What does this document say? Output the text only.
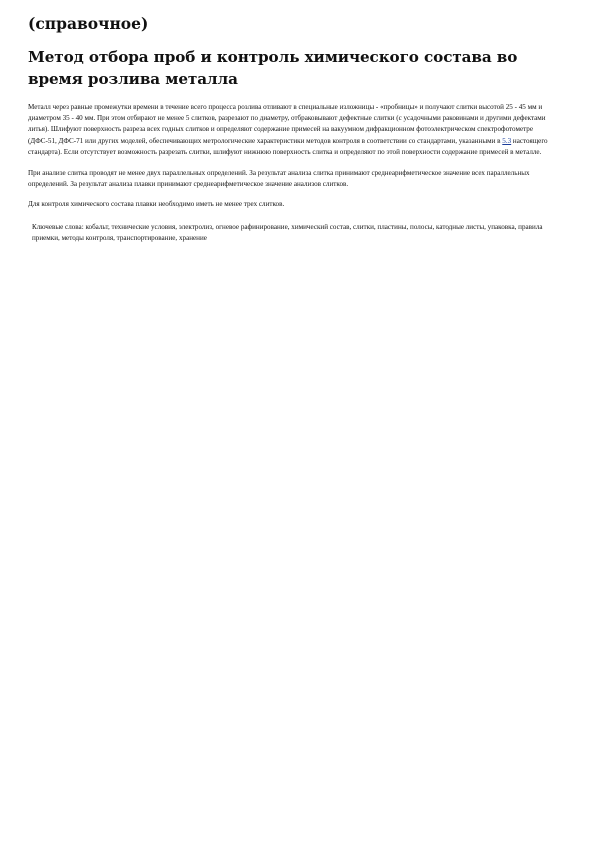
(справочное)
Метод отбора проб и контроль химического состава во время розлива металла

Металл через равные промежутки времени в течение всего процесса розлива отливают в специальные изложницы - «пробницы» и получают слитки высотой 25 - 45 мм и диаметром 35 - 40 мм. При этом отбирают не менее 5 слитков, разрезают по диаметру, отбраковывают дефектные слитки (с усадочными раковинами и другими дефектами литья). Шлифуют поверхность разреза всех годных слитков и определяют содержание примесей на вакуумном дифракционном фотоэлектрическом спектрофотометре (ДФС-51, ДФС-71 или других моделей, обеспечивающих метрологические характеристики методов контроля в соответствии со стандартами, указанными в 5.3 настоящего стандарта). Если отсутствует возможность разрезать слитки, шлифуют нижнюю поверхность слитка и определяют по этой поверхности содержание примесей в металле.

При анализе слитка проводят не менее двух параллельных определений. За результат анализа слитка принимают среднеарифметическое значение всех параллельных определений. За результат анализа плавки принимают среднеарифметическое значение анализов слитков.

Для контроля химического состава плавки необходимо иметь не менее трех слитков.

Ключевые слова: кобальт, технические условия, электролиз, огневое рафинирование, химический состав, слитки, пластины, полосы, катодные листы, упаковка, правила приемки, методы контроля, транспортирование, хранение
